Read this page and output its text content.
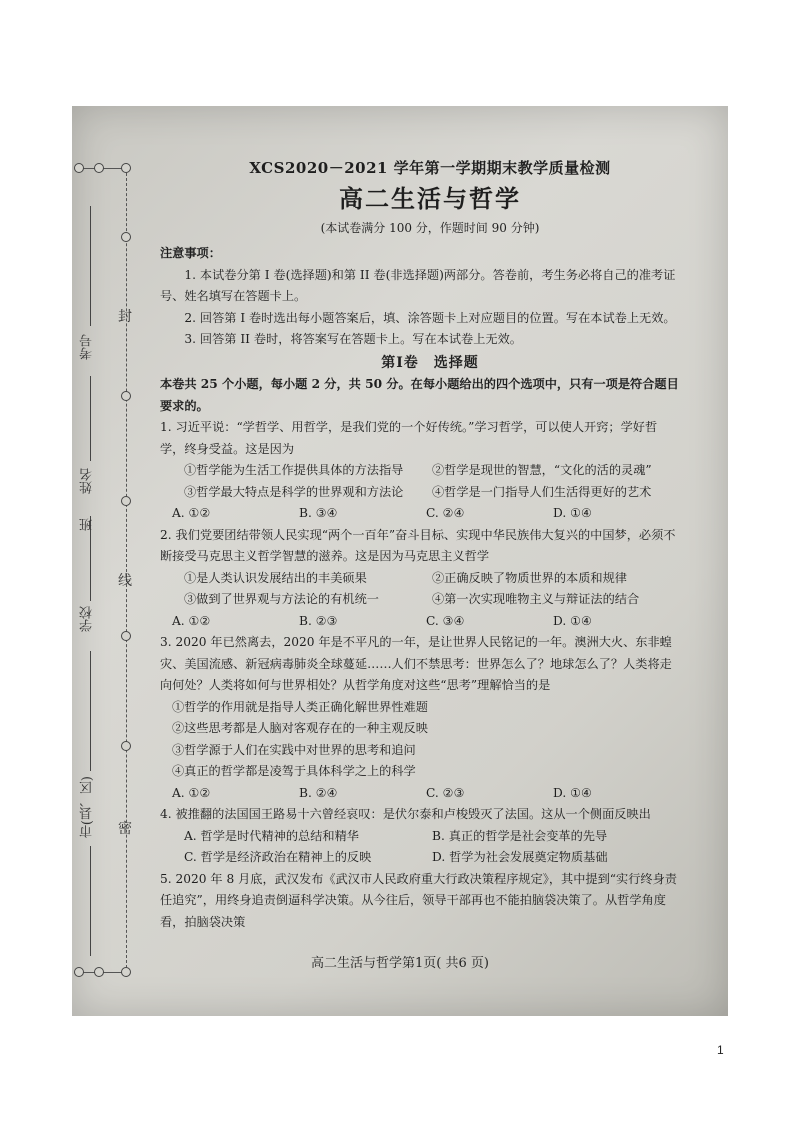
考号
姓名
班
学校
市(县、区)
封
线
密
XCS2020－2021 学年第一学期期末教学质量检测
高二生活与哲学
(本试卷满分 100 分，作题时间 90 分钟)
注意事项：
1. 本试卷分第 I 卷(选择题)和第 II 卷(非选择题)两部分。答卷前，考生务必将自己的准考证号、姓名填写在答题卡上。
2. 回答第 I 卷时选出每小题答案后，填、涂答题卡上对应题目的位置。写在本试卷上无效。
3. 回答第 II 卷时，将答案写在答题卡上。写在本试卷上无效。
第Ⅰ卷　选择题
本卷共 25 个小题，每小题 2 分，共 50 分。在每小题给出的四个选项中，只有一项是符合题目要求的。
1. 习近平说：“学哲学、用哲学，是我们党的一个好传统。”学习哲学，可以使人开窍；学好哲学，终身受益。这是因为
①哲学能为生活工作提供具体的方法指导	②哲学是现世的智慧，“文化的活的灵魂”
③哲学最大特点是科学的世界观和方法论	④哲学是一门指导人们生活得更好的艺术
A. ①②	B. ③④	C. ②④	D. ①④
2. 我们党要团结带领人民实现“两个一百年”奋斗目标、实现中华民族伟大复兴的中国梦，必须不断接受马克思主义哲学智慧的滋养。这是因为马克思主义哲学
①是人类认识发展结出的丰美硕果	②正确反映了物质世界的本质和规律
③做到了世界观与方法论的有机统一	④第一次实现唯物主义与辩证法的结合
A. ①②	B. ②③	C. ③④	D. ①④
3. 2020 年已然离去，2020 年是不平凡的一年，是让世界人民铭记的一年。澳洲大火、东非蝗灾、美国流感、新冠病毒肺炎全球蔓延……人们不禁思考：世界怎么了？地球怎么了？人类将走向何处？人类将如何与世界相处？从哲学角度对这些“思考”理解恰当的是
①哲学的作用就是指导人类正确化解世界性难题
②这些思考都是人脑对客观存在的一种主观反映
③哲学源于人们在实践中对世界的思考和追问
④真正的哲学都是凌驾于具体科学之上的科学
A. ①②	B. ②④	C. ②③	D. ①④
4. 被推翻的法国国王路易十六曾经哀叹：是伏尔泰和卢梭毁灭了法国。这从一个侧面反映出
A. 哲学是时代精神的总结和精华	B. 真正的哲学是社会变革的先导
C. 哲学是经济政治在精神上的反映	D. 哲学为社会发展奠定物质基础
5. 2020 年 8 月底，武汉发布《武汉市人民政府重大行政决策程序规定》，其中提到“实行终身责任追究”，用终身追责倒逼科学决策。从今往后，领导干部再也不能拍脑袋决策了。从哲学角度看，拍脑袋决策
高二生活与哲学第1页( 共6 页)
1
